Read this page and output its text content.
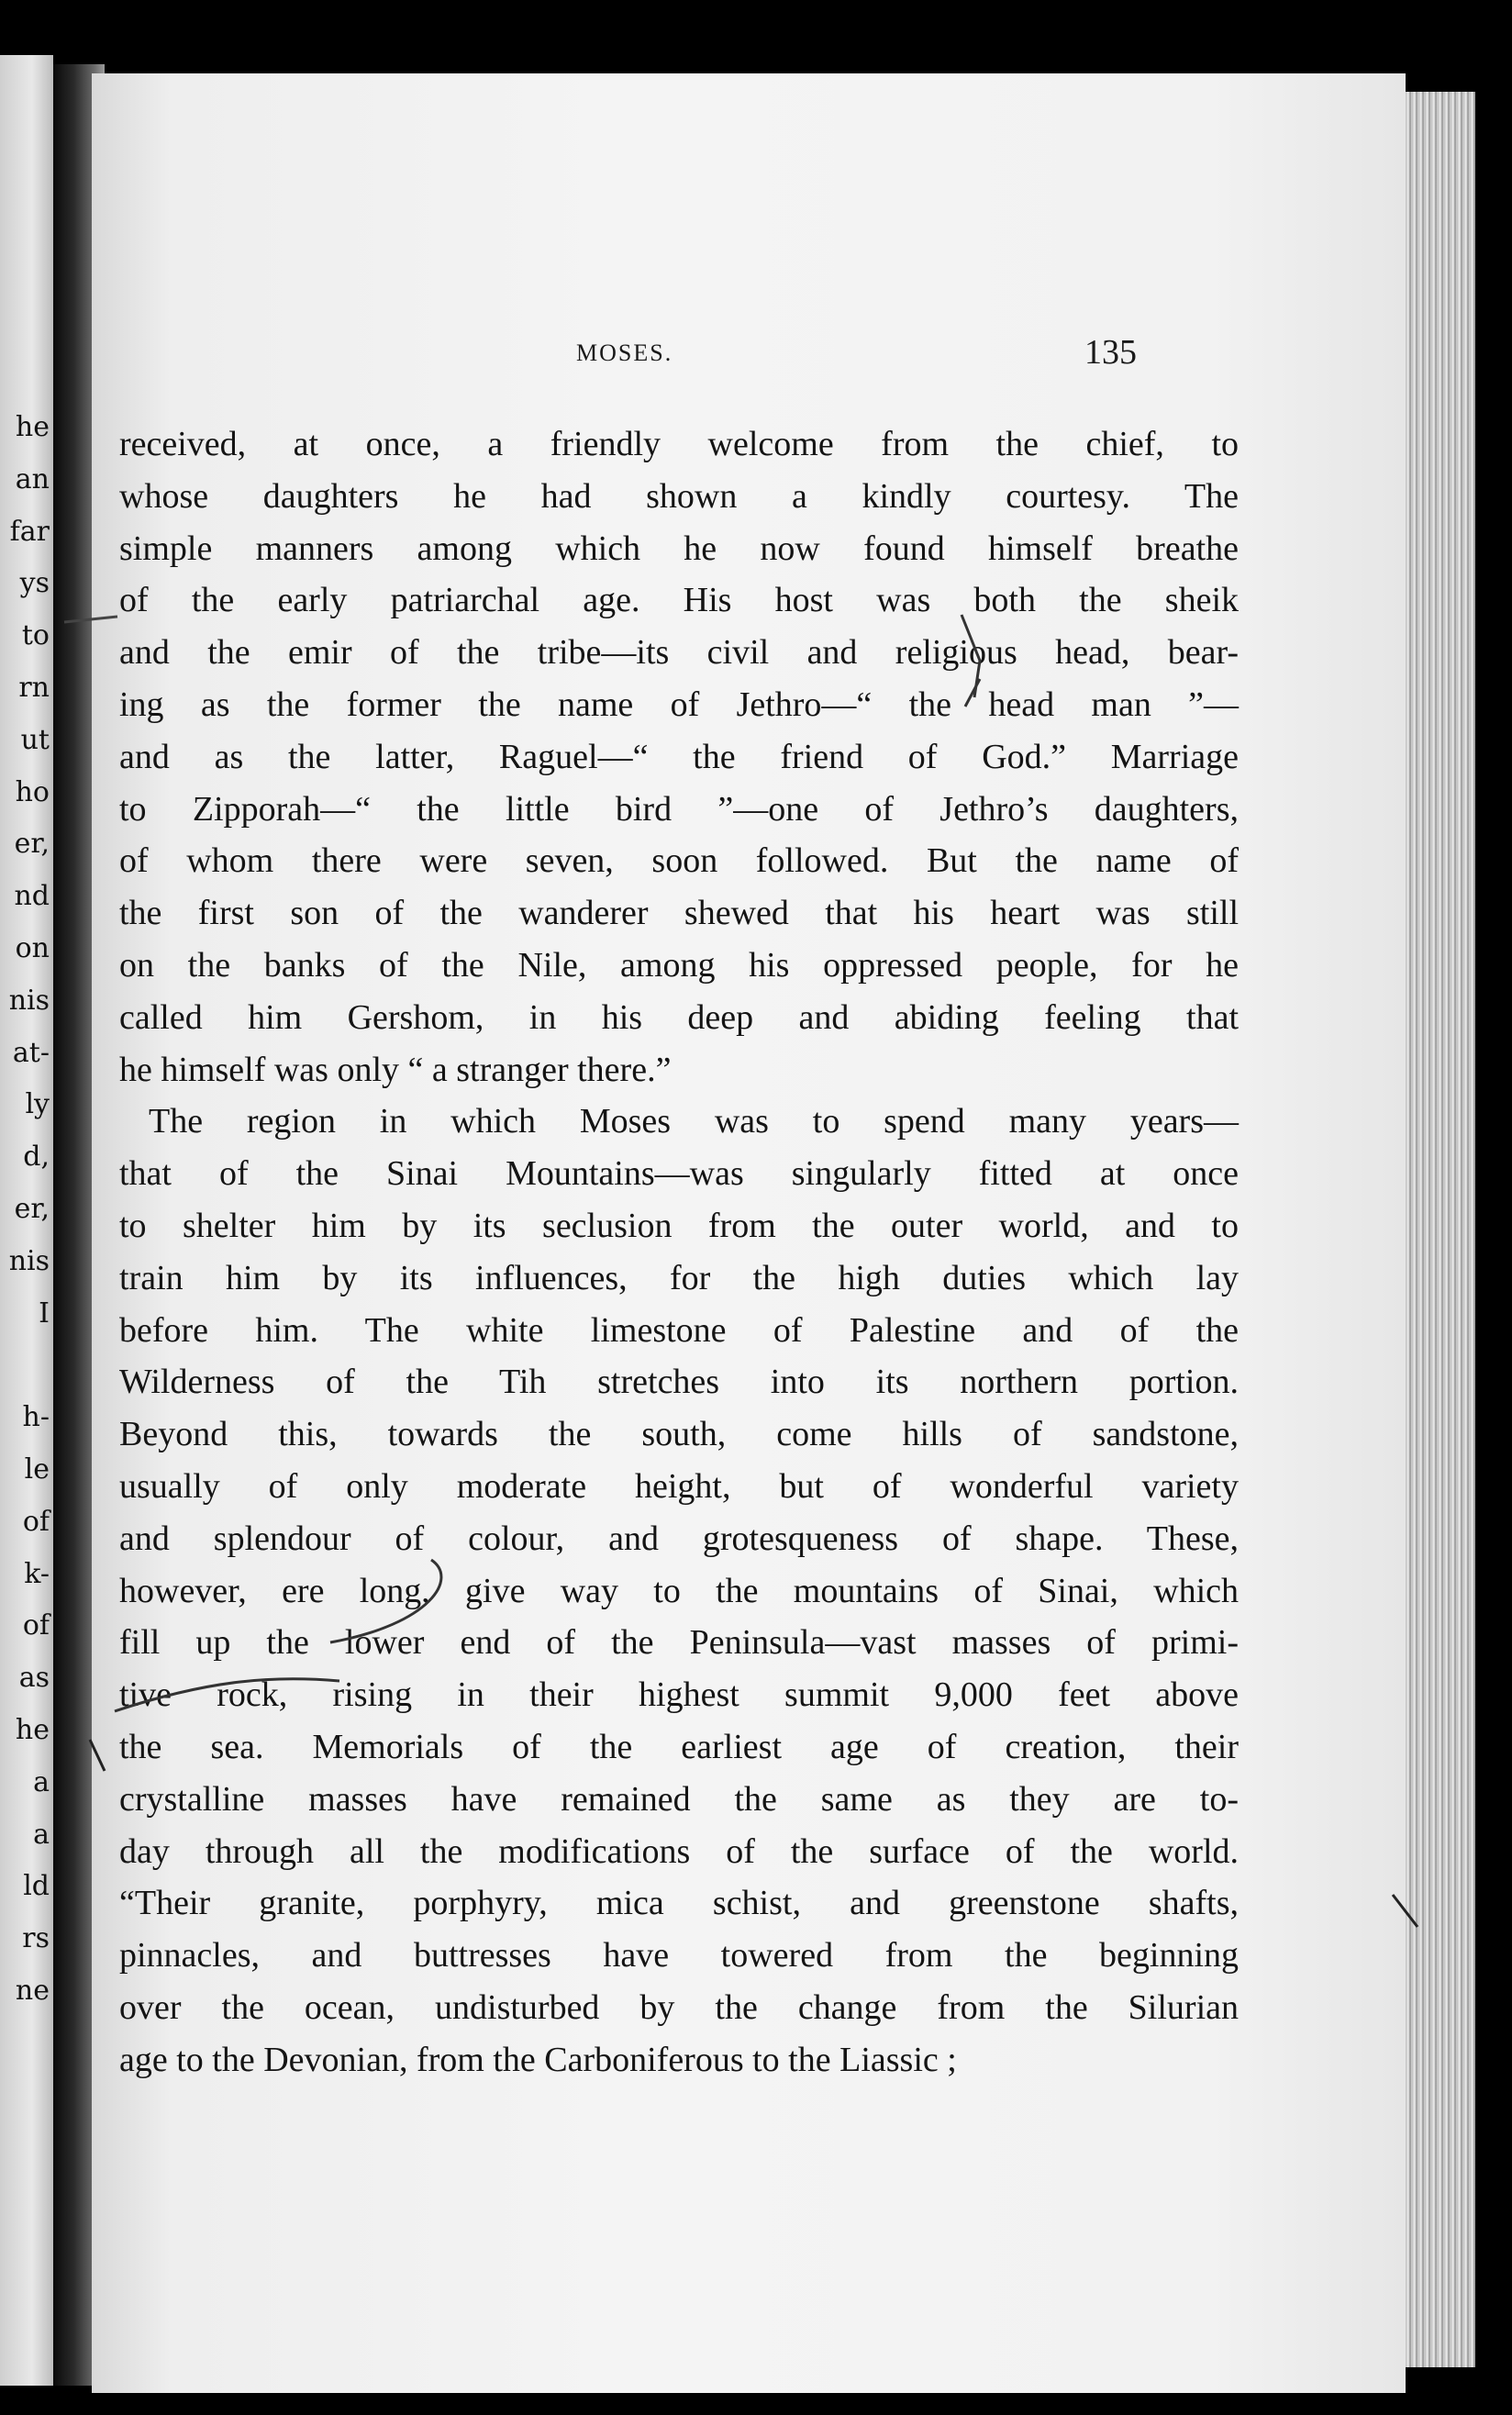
he
an
far
ys
to
rn
ut
ho
er,
nd
on
nis
at-
ly
d,
er,
nis
I
h-
le
of
k-
of
as
he
a
a
ld
rs
ne
MOSES.	135
received, at once, a friendly welcome from the chief, to
whose daughters he had shown a kindly courtesy. The
simple manners among which he now found himself breathe
of the early patriarchal age. His host was both the sheik
and the emir of the tribe—its civil and religious head, bear-
ing as the former the name of Jethro—“ the head man ”—
and as the latter, Raguel—“ the friend of God.” Marriage
to Zipporah—“ the little bird ”—one of Jethro’s daughters,
of whom there were seven, soon followed. But the name of
the first son of the wanderer shewed that his heart was still
on the banks of the Nile, among his oppressed people, for he
called him Gershom, in his deep and abiding feeling that
he himself was only “ a stranger there.”
The region in which Moses was to spend many years—
that of the Sinai Mountains—was singularly fitted at once
to shelter him by its seclusion from the outer world, and to
train him by its influences, for the high duties which lay
before him. The white limestone of Palestine and of the
Wilderness of the Tih stretches into its northern portion.
Beyond this, towards the south, come hills of sandstone,
usually of only moderate height, but of wonderful variety
and splendour of colour, and grotesqueness of shape. These,
however, ere long, give way to the mountains of Sinai, which
fill up the lower end of the Peninsula—vast masses of primi-
tive rock, rising in their highest summit 9,000 feet above
the sea. Memorials of the earliest age of creation, their
crystalline masses have remained the same as they are to-
day through all the modifications of the surface of the world.
“Their granite, porphyry, mica schist, and greenstone shafts,
pinnacles, and buttresses have towered from the beginning
over the ocean, undisturbed by the change from the Silurian
age to the Devonian, from the Carboniferous to the Liassic ;
